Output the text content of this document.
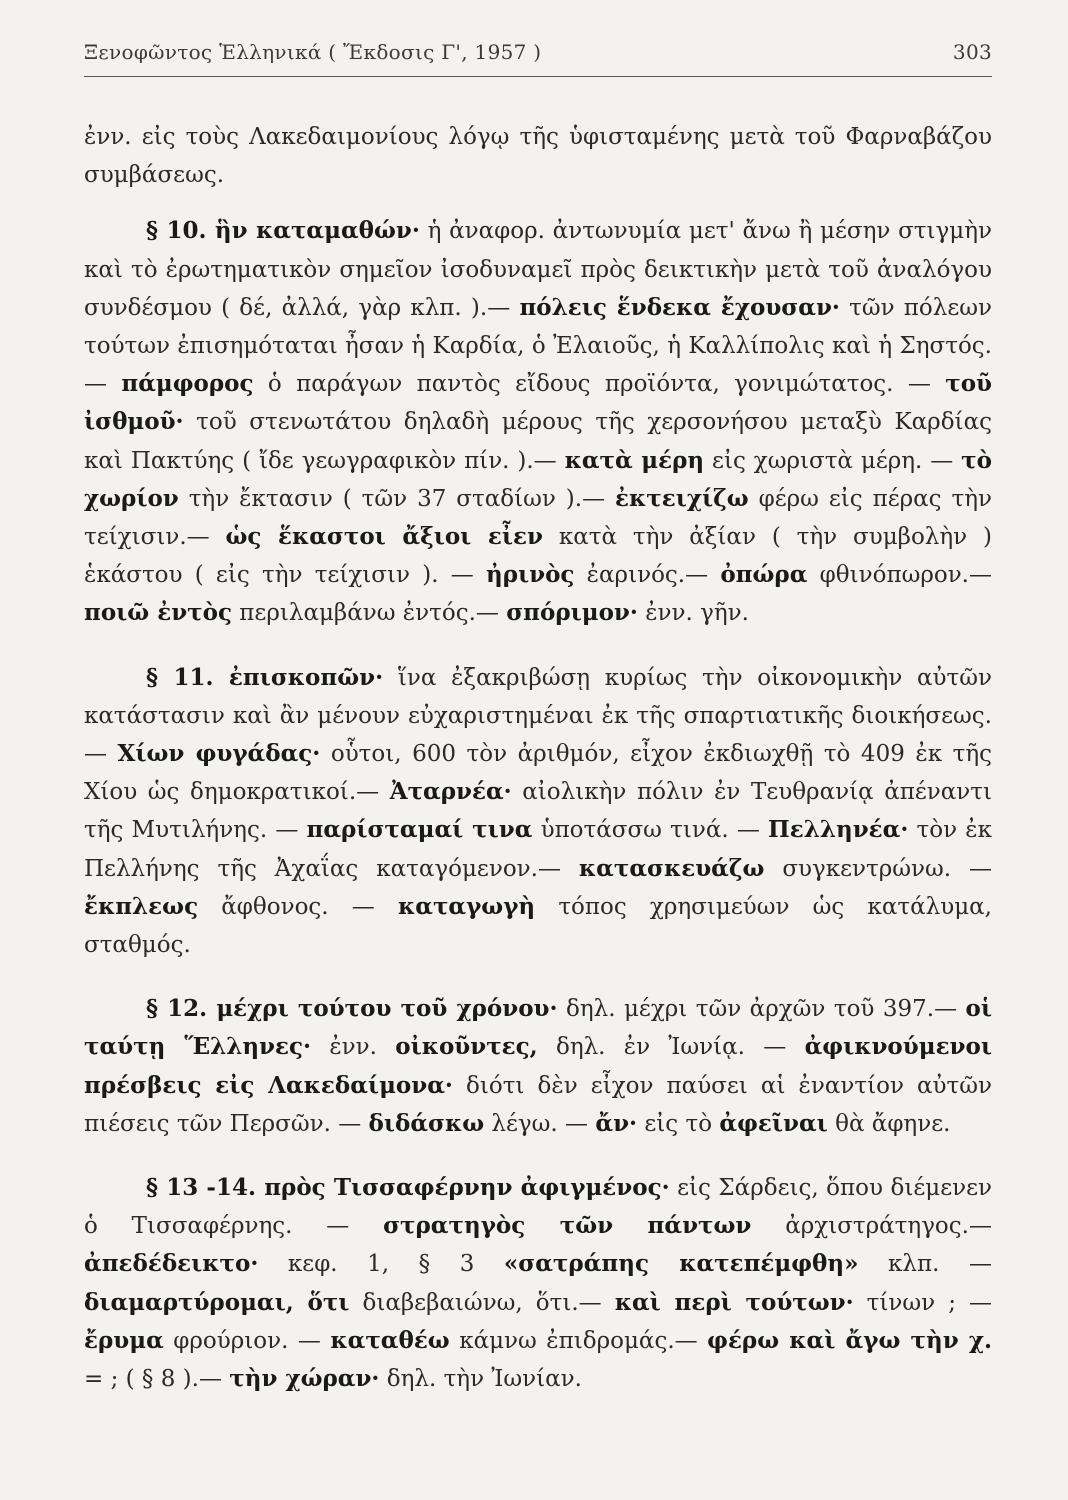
Ξενοφῶντος Ἑλληνικά ( Ἔκδοσις Γ', 1957 )	303

ἐνν. εἰς τοὺς Λακεδαιμονίους λόγῳ τῆς ὑφισταμένης μετὰ τοῦ Φαρναβάζου συμβάσεως.

§ 10. ἣν καταμαθών· ἡ ἀναφορ. ἀντωνυμία μετ' ἄνω ἢ μέσην στιγμὴν καὶ τὸ ἐρωτηματικὸν σημεῖον ἰσοδυναμεῖ πρὸς δεικτικὴν μετὰ τοῦ ἀναλόγου συνδέσμου ( δέ, ἀλλά, γὰρ κλπ. ).— πόλεις ἕνδεκα ἔχουσαν· τῶν πόλεων τούτων ἐπισημόταται ἦσαν ἡ Καρδία, ὁ Ἐλαιοῦς, ἡ Καλλίπολις καὶ ἡ Σηστός.— πάμφορος ὁ παράγων παντὸς εἴδους προϊόντα, γονιμώτατος. — τοῦ ἰσθμοῦ· τοῦ στενωτάτου δηλαδὴ μέρους τῆς χερσονήσου μεταξὺ Καρδίας καὶ Πακτύης ( ἴδε γεωγραφικὸν πίν. ).— κατὰ μέρη εἰς χωριστὰ μέρη. — τὸ χωρίον τὴν ἔκτασιν ( τῶν 37 σταδίων ).— ἐκτειχίζω φέρω εἰς πέρας τὴν τείχισιν.— ὡς ἕκαστοι ἄξιοι εἶεν κατὰ τὴν ἀξίαν ( τὴν συμβολὴν ) ἑκάστου ( εἰς τὴν τείχισιν ). — ἠρινὸς ἐαρινός.— ὀπώρα φθινόπωρον.— ποιῶ ἐντὸς περιλαμβάνω ἐντός.— σπόριμον· ἐνν. γῆν.

§ 11. ἐπισκοπῶν· ἵνα ἐξακριβώσῃ κυρίως τὴν οἰκονομικὴν αὐτῶν κατάστασιν καὶ ἂν μένουν εὐχαριστημέναι ἐκ τῆς σπαρτιατικῆς διοικήσεως. — Χίων φυγάδας· οὗτοι, 600 τὸν ἀριθμόν, εἶχον ἐκδιωχθῇ τὸ 409 ἐκ τῆς Χίου ὡς δημοκρατικοί.— Ἀταρνέα· αἰολικὴν πόλιν ἐν Τευθρανίᾳ ἀπέναντι τῆς Μυτιλήνης. — παρίσταμαί τινα ὑποτάσσω τινά. — Πελληνέα· τὸν ἐκ Πελλήνης τῆς Ἀχαΐας καταγόμενον.— κατασκευάζω συγκεντρώνω. — ἔκπλεως ἄφθονος. — καταγωγὴ τόπος χρησιμεύων ὡς κατάλυμα, σταθμός.

§ 12. μέχρι τούτου τοῦ χρόνου· δηλ. μέχρι τῶν ἀρχῶν τοῦ 397.— οἱ ταύτῃ Ἕλληνες· ἐνν. οἰκοῦντες, δηλ. ἐν Ἰωνίᾳ. — ἀφικνούμενοι πρέσβεις εἰς Λακεδαίμονα· διότι δὲν εἶχον παύσει αἱ ἐναντίον αὐτῶν πιέσεις τῶν Περσῶν. — διδάσκω λέγω. — ἄν· εἰς τὸ ἀφεῖναι θὰ ἄφηνε.

§ 13 -14. πρὸς Τισσαφέρνην ἀφιγμένος· εἰς Σάρδεις, ὅπου διέμενεν ὁ Τισσαφέρνης. — στρατηγὸς τῶν πάντων ἀρχιστράτηγος.— ἀπεδέδεικτο· κεφ. 1, § 3 «σατράπης κατεπέμφθη» κλπ. — διαμαρτύρομαι, ὅτι διαβεβαιώνω, ὅτι.— καὶ περὶ τούτων· τίνων ; — ἔρυμα φρούριον. — καταθέω κάμνω ἐπιδρομάς.— φέρω καὶ ἄγω τὴν χ. = ; ( § 8 ).— τὴν χώραν· δηλ. τὴν Ἰωνίαν.
